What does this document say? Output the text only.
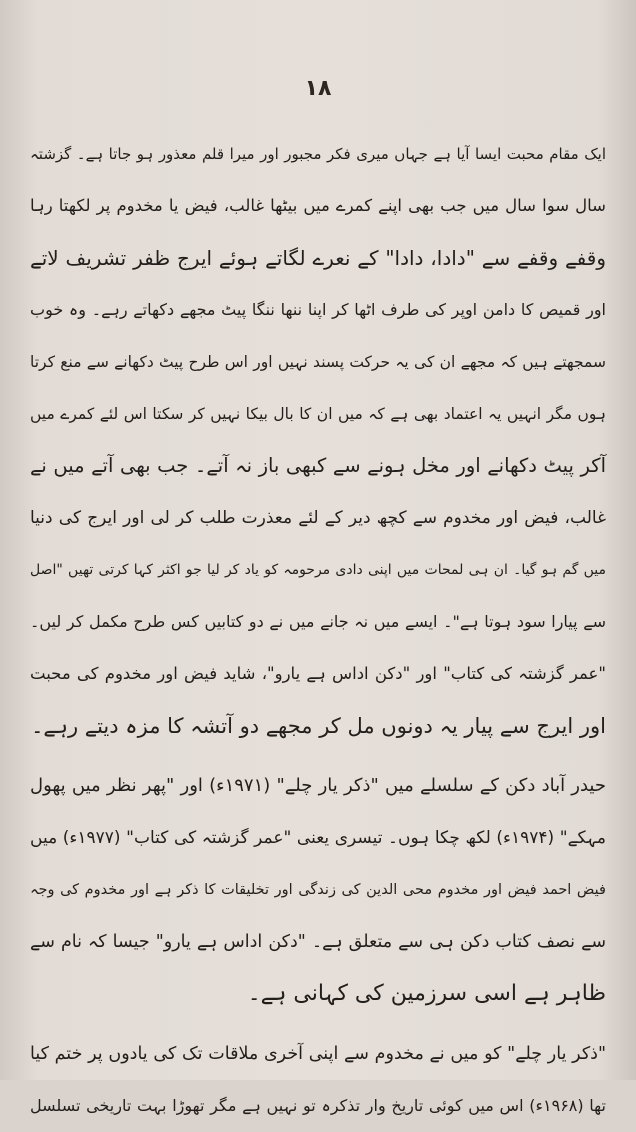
۱۸
ایک مقام محبت ایسا آیا ہے جہاں میری فکر مجبور اور میرا قلم معذور ہو جاتا ہے۔ گزشتہ
سال سوا سال میں جب بھی اپنے کمرے میں بیٹھا غالب، فیض یا مخدوم پر لکھتا رہا
وقفے وقفے سے "دادا، دادا" کے نعرے لگاتے ہوئے ایرج ظفر تشریف لاتے
اور قمیص کا دامن اوپر کی طرف اٹھا کر اپنا ننھا ننگا پیٹ مجھے دکھاتے رہے۔ وہ خوب
سمجھتے ہیں کہ مجھے ان کی یہ حرکت پسند نہیں اور اس طرح پیٹ دکھانے سے منع کرتا
ہوں مگر انہیں یہ اعتماد بھی ہے کہ میں ان کا بال بیکا نہیں کر سکتا اس لئے کمرے میں
آکر پیٹ دکھانے اور مخل ہونے سے کبھی باز نہ آتے۔ جب بھی آتے میں نے
غالب، فیض اور مخدوم سے کچھ دیر کے لئے معذرت طلب کر لی اور ایرج کی دنیا
میں گم ہو گیا۔ ان ہی لمحات میں اپنی دادی مرحومہ کو یاد کر لیا جو اکثر کہا کرتی تھیں "اصل
سے پیارا سود ہوتا ہے"۔ ایسے میں نہ جانے میں نے دو کتابیں کس طرح مکمل کر لیں۔
"عمر گزشتہ کی کتاب" اور "دکن اداس ہے یارو"، شاید فیض اور مخدوم کی محبت
اور ایرج سے پیار یہ دونوں مل کر مجھے دو آتشہ کا مزہ دیتے رہے۔
حیدر آباد دکن کے سلسلے میں "ذکر یار چلے" (۱۹۷۱ء) اور "پھر نظر میں پھول
مہکے" (۱۹۷۴ء) لکھ چکا ہوں۔ تیسری یعنی "عمر گزشتہ کی کتاب" (۱۹۷۷ء) میں
فیض احمد فیض اور مخدوم محی الدین کی زندگی اور تخلیقات کا ذکر ہے اور مخدوم کی وجہ
سے نصف کتاب دکن ہی سے متعلق ہے۔ "دکن اداس ہے یارو" جیسا کہ نام سے
ظاہر ہے اسی سرزمین کی کہانی ہے۔
"ذکر یار چلے" کو میں نے مخدوم سے اپنی آخری ملاقات تک کی یادوں پر ختم کیا
تھا (۱۹۶۸ء) اس میں کوئی تاریخ وار تذکرہ تو نہیں ہے مگر تھوڑا بہت تاریخی تسلسل
